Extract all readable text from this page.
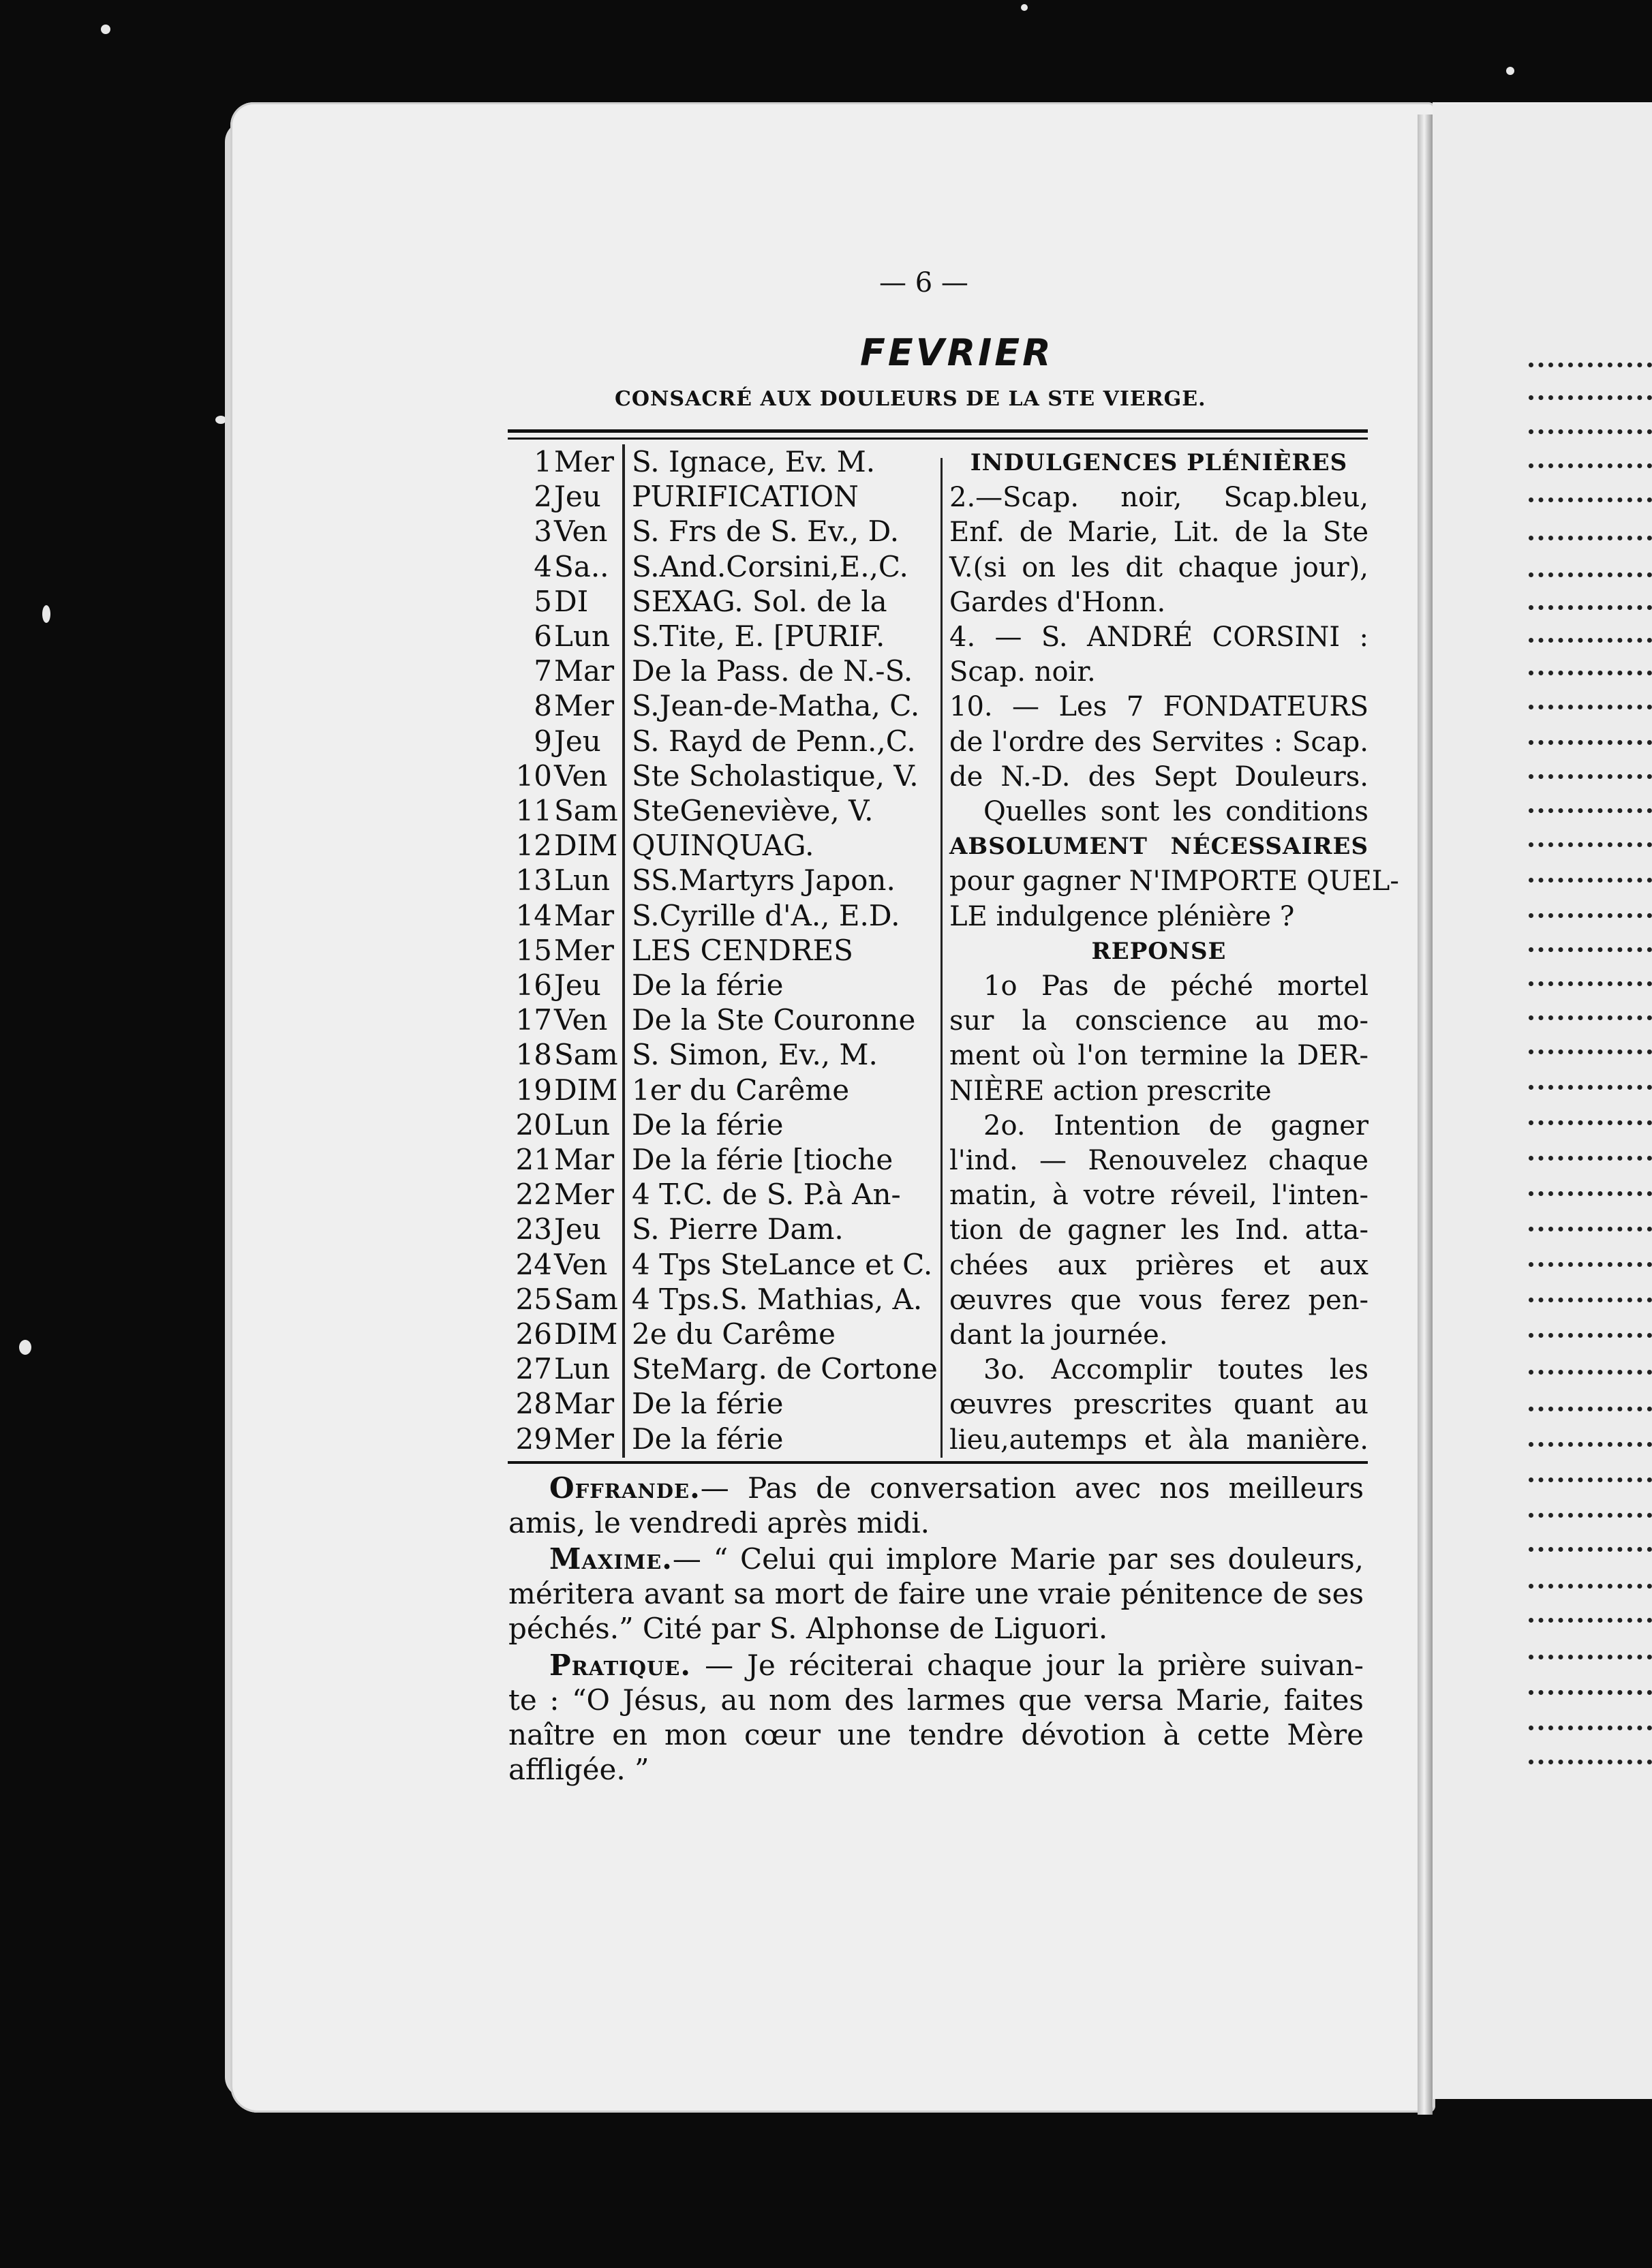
— 6 —
FEVRIER
CONSACRÉ AUX DOULEURS DE LA STE VIERGE.
1 Mer S. Ignace, Ev. M.
2 Jeu PURIFICATION
3 Ven S. Frs de S. Ev., D.
4 Sa.. S.And.Corsini,E.,C.
5 DI SEXAG. Sol. de la
6 Lun S.Tite, E. [PURIF.
7 Mar De la Pass. de N.-S.
8 Mer S.Jean-de-Matha, C.
9 Jeu S. Rayd de Penn.,C.
10 Ven Ste Scholastique, V.
11 Sam SteGeneviève, V.
12 DIM QUINQUAG.
13 Lun SS.Martyrs Japon.
14 Mar S.Cyrille d'A., E.D.
15 Mer LES CENDRES
16 Jeu De la férie
17 Ven De la Ste Couronne
18 Sam S. Simon, Ev., M.
19 DIM 1er du Carême
20 Lun De la férie
21 Mar De la férie [tioche
22 Mer 4 T.C. de S. P.à An-
23 Jeu S. Pierre Dam.
24 Ven 4 Tps SteLance et C.
25 Sam 4 Tps.S. Mathias, A.
26 DIM 2e du Carême
27 Lun SteMarg. de Cortone
28 Mar De la férie
29 Mer De la férie
INDULGENCES PLÉNIÈRES
2.—Scap. noir, Scap.bleu,
Enf. de Marie, Lit. de la Ste
V.(si on les dit chaque jour),
Gardes d'Honn.
4. — S. ANDRÉ CORSINI :
Scap. noir.
10. — Les 7 FONDATEURS
de l'ordre des Servites : Scap.
de N.-D. des Sept Douleurs.
Quelles sont les conditions
ABSOLUMENT NÉCESSAIRES
pour gagner N'IMPORTE QUEL-
LE indulgence plénière ?
REPONSE
1o Pas de péché mortel
sur la conscience au mo-
ment où l'on termine la DER-
NIÈRE action prescrite
2o. Intention de gagner
l'ind. — Renouvelez chaque
matin, à votre réveil, l'inten-
tion de gagner les Ind. atta-
chées aux prières et aux
œuvres que vous ferez pen-
dant la journée.
3o. Accomplir toutes les
œuvres prescrites quant au
lieu,autemps et àla manière.
Offrande.— Pas de conversation avec nos meilleurs
amis, le vendredi après midi.
Maxime.— “ Celui qui implore Marie par ses douleurs,
méritera avant sa mort de faire une vraie pénitence de ses
péchés.” Cité par S. Alphonse de Liguori.
Pratique. — Je réciterai chaque jour la prière suivan-
te : “O Jésus, au nom des larmes que versa Marie, faites
naître en mon cœur une tendre dévotion à cette Mère
affligée. ”
